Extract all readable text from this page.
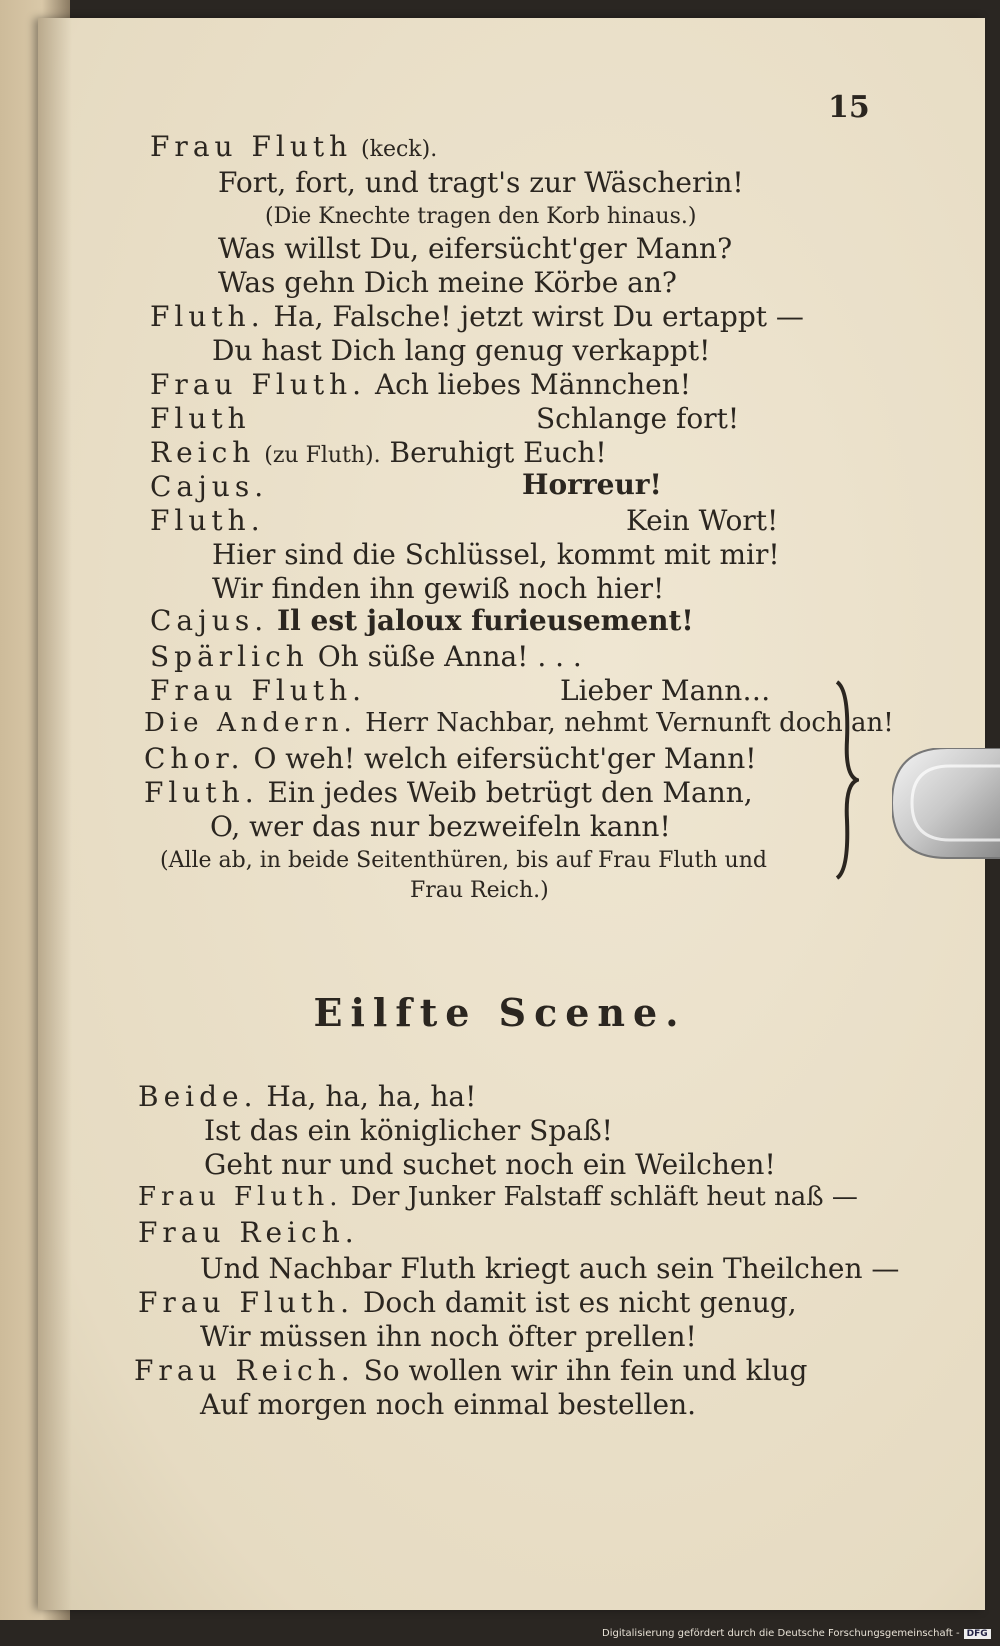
15
Frau Fluth (keck).
Fort, fort, und tragt's zur Wäscherin!
(Die Knechte tragen den Korb hinaus.)
Was willst Du, eifersücht'ger Mann?
Was gehn Dich meine Körbe an?
Fluth. Ha, Falsche! jetzt wirst Du ertappt —
Du hast Dich lang genug verkappt!
Frau Fluth. Ach liebes Männchen!
Fluth	Schlange fort!
Reich (zu Fluth). Beruhigt Euch!
Cajus.	Horreur!
Fluth.	Kein Wort!
Hier sind die Schlüssel, kommt mit mir!
Wir finden ihn gewiß noch hier!
Cajus. Il est jaloux furieusement!
Spärlich Oh süße Anna! . . .
Frau Fluth.	Lieber Mann…
Die Andern. Herr Nachbar, nehmt Vernunft doch an!
Chor. O weh! welch eifersücht'ger Mann!
Fluth. Ein jedes Weib betrügt den Mann,
O, wer das nur bezweifeln kann!
(Alle ab, in beide Seitenthüren, bis auf Frau Fluth und
Frau Reich.)
Eilfte Scene.
Beide. Ha, ha, ha, ha!
Ist das ein königlicher Spaß!
Geht nur und suchet noch ein Weilchen!
Frau Fluth. Der Junker Falstaff schläft heut naß —
Frau Reich.
Und Nachbar Fluth kriegt auch sein Theilchen —
Frau Fluth. Doch damit ist es nicht genug,
Wir müssen ihn noch öfter prellen!
Frau Reich. So wollen wir ihn fein und klug
Auf morgen noch einmal bestellen.
Digitalisierung gefördert durch die Deutsche Forschungsgemeinschaft - DFG
